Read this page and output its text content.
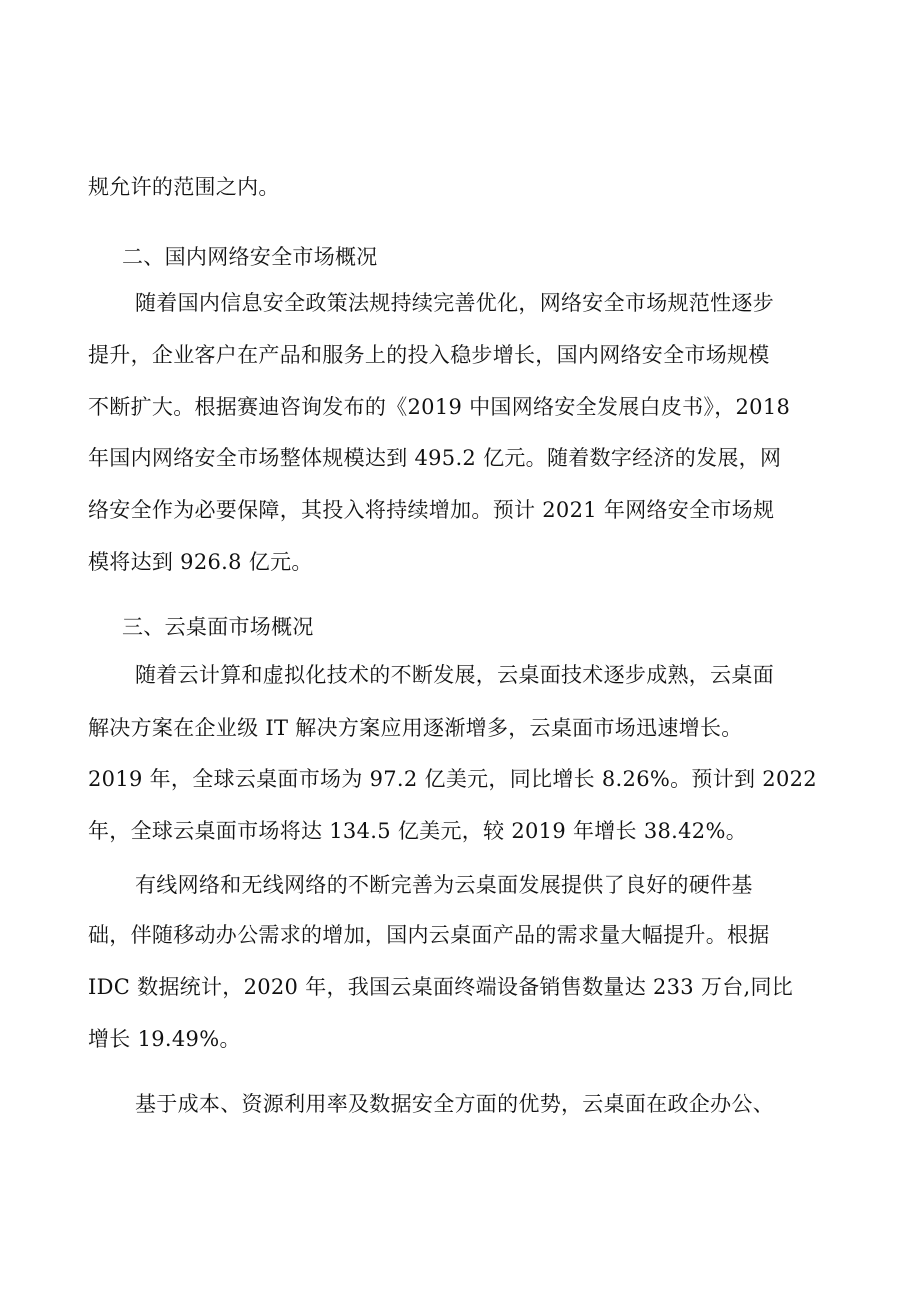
规允许的范围之内。
二、国内网络安全市场概况
随着国内信息安全政策法规持续完善优化，网络安全市场规范性逐步
提升，企业客户在产品和服务上的投入稳步增长，国内网络安全市场规模
不断扩大。根据赛迪咨询发布的《2019 中国网络安全发展白皮书》，2018
年国内网络安全市场整体规模达到 495.2 亿元。随着数字经济的发展，网
络安全作为必要保障，其投入将持续增加。预计 2021 年网络安全市场规
模将达到 926.8 亿元。
三、云桌面市场概况
随着云计算和虚拟化技术的不断发展，云桌面技术逐步成熟，云桌面
解决方案在企业级 IT 解决方案应用逐渐增多，云桌面市场迅速增长。
2019 年，全球云桌面市场为 97.2 亿美元，同比增长 8.26%。预计到 2022
年，全球云桌面市场将达 134.5 亿美元，较 2019 年增长 38.42%。
有线网络和无线网络的不断完善为云桌面发展提供了良好的硬件基
础，伴随移动办公需求的增加，国内云桌面产品的需求量大幅提升。根据
IDC 数据统计，2020 年，我国云桌面终端设备销售数量达 233 万台,同比
增长 19.49%。
基于成本、资源利用率及数据安全方面的优势，云桌面在政企办公、
